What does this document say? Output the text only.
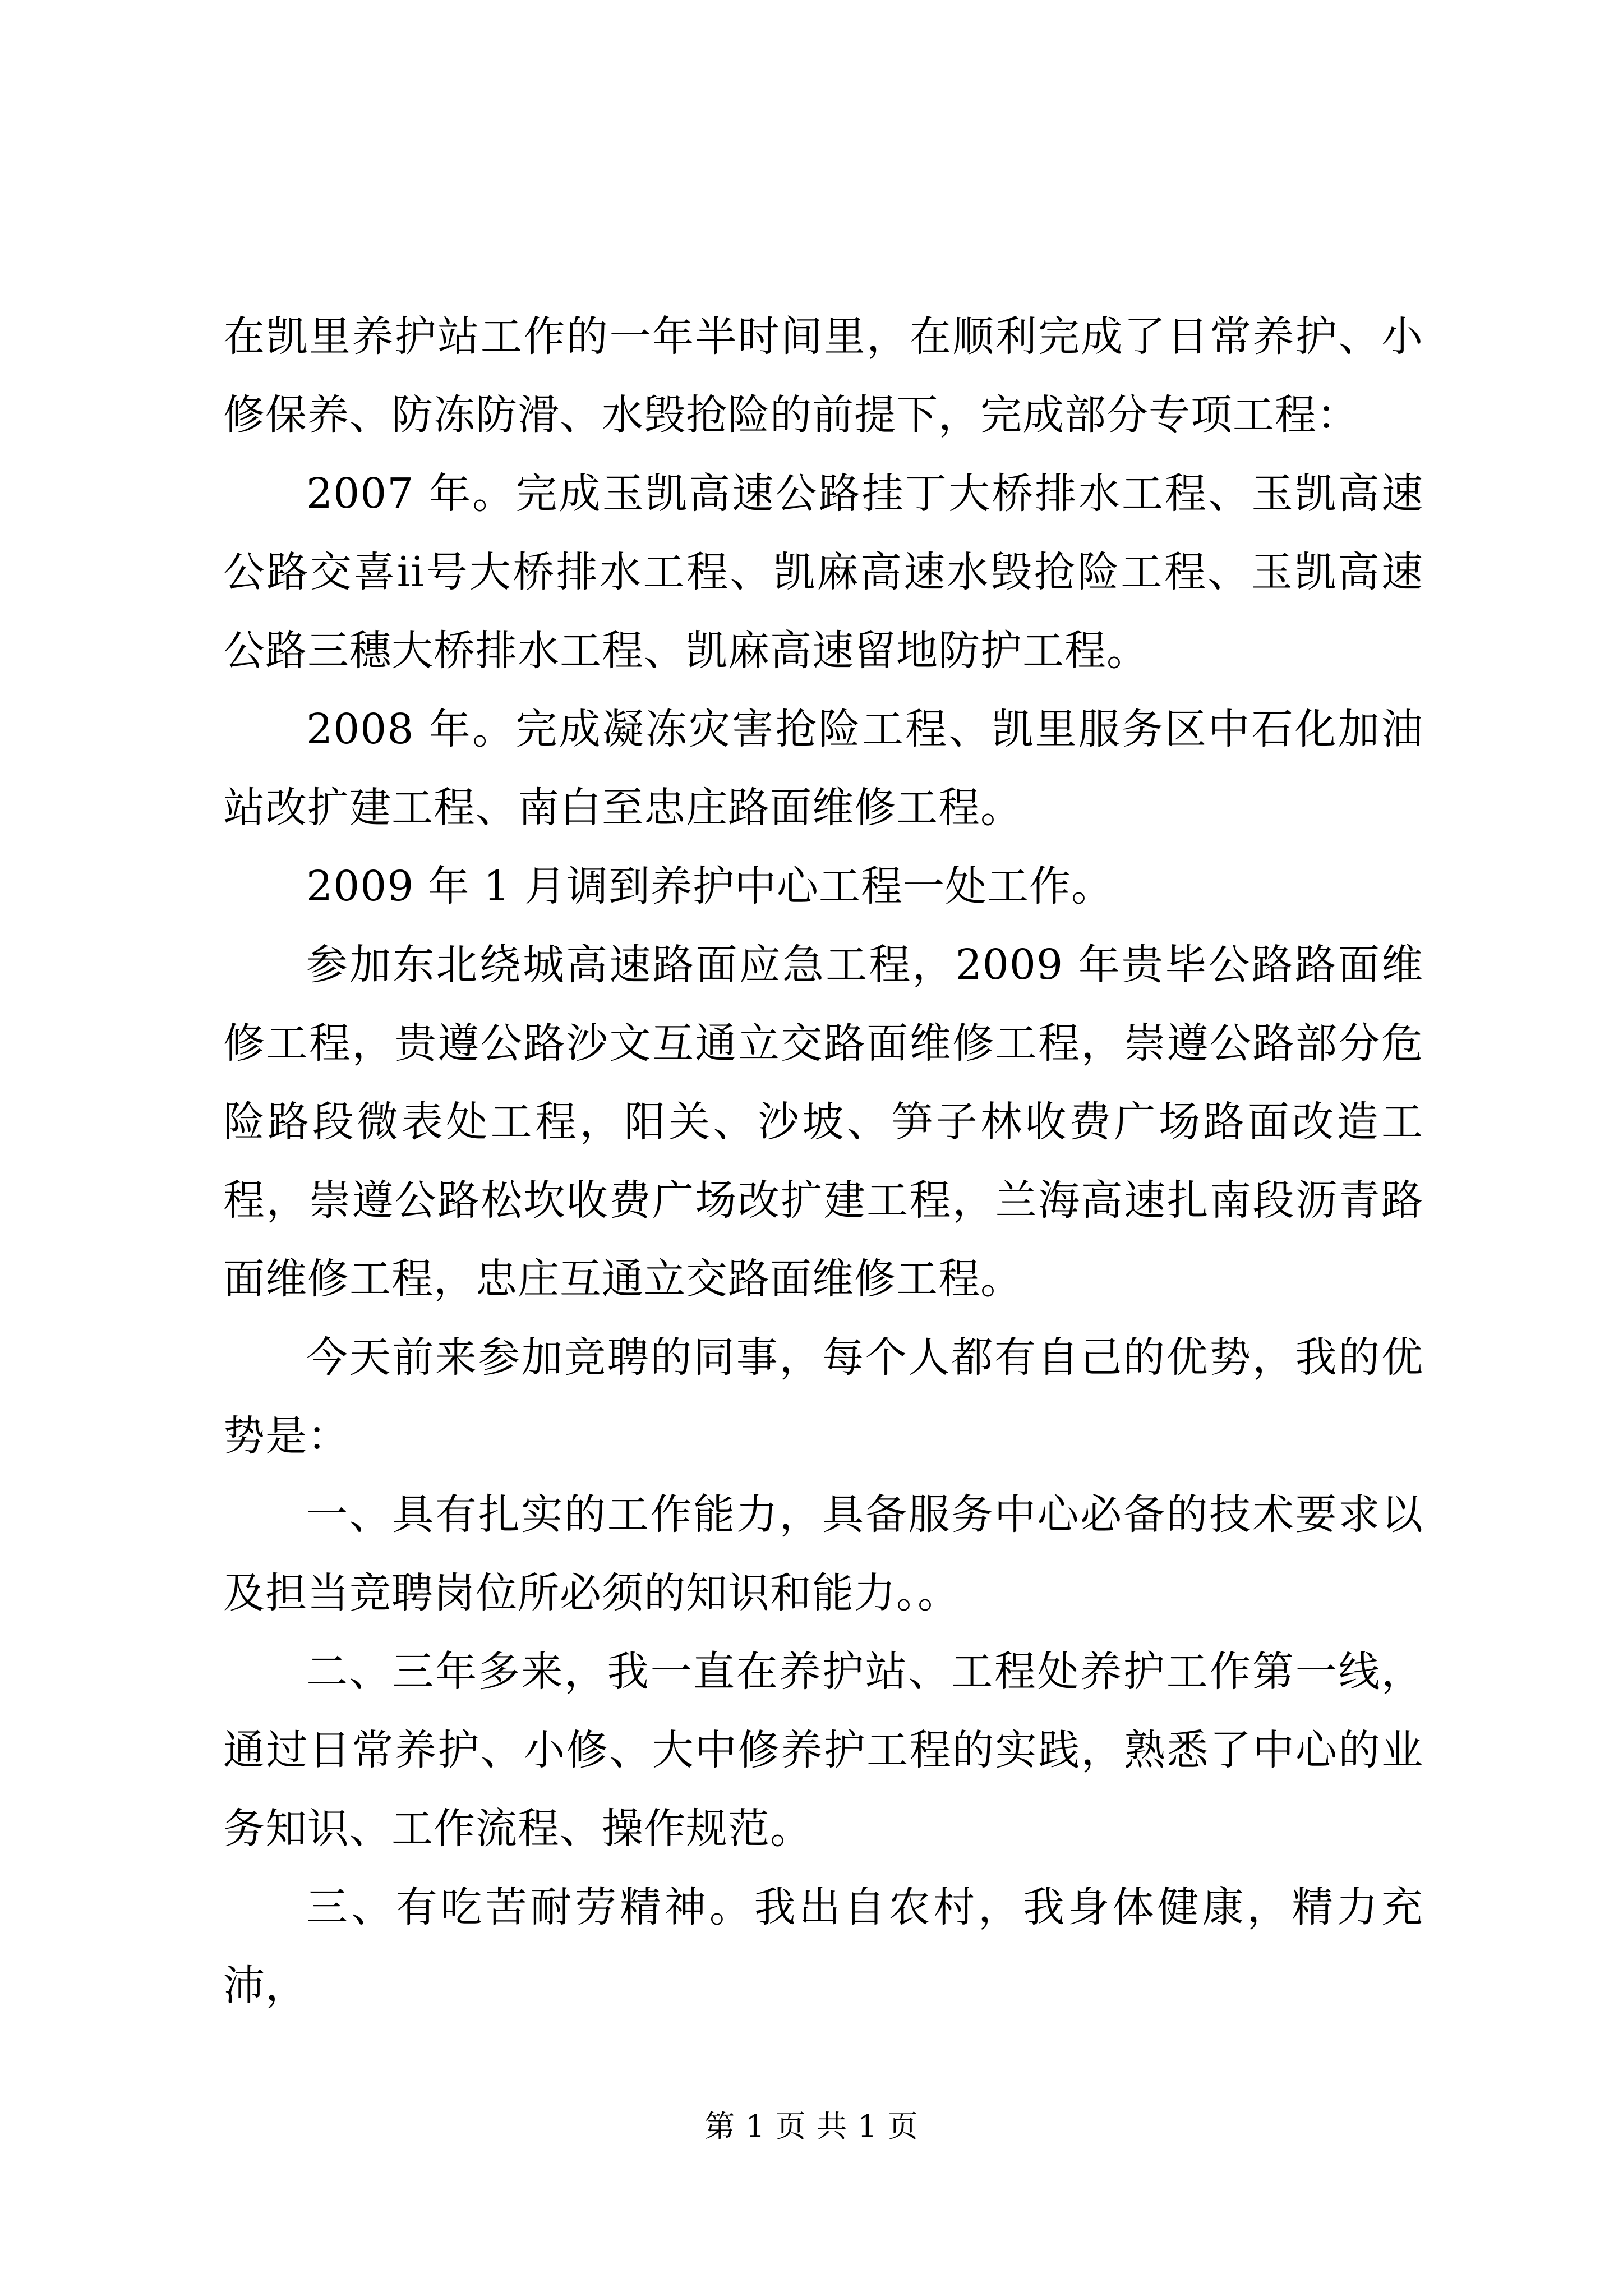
在凯里养护站工作的一年半时间里，在顺利完成了日常养护、小修保养、防冻防滑、水毁抢险的前提下，完成部分专项工程：

2007 年。完成玉凯高速公路挂丁大桥排水工程、玉凯高速公路交喜ii号大桥排水工程、凯麻高速水毁抢险工程、玉凯高速公路三穗大桥排水工程、凯麻高速留地防护工程。

2008 年。完成凝冻灾害抢险工程、凯里服务区中石化加油站改扩建工程、南白至忠庄路面维修工程。

2009 年 1 月调到养护中心工程一处工作。

参加东北绕城高速路面应急工程，2009 年贵毕公路路面维修工程，贵遵公路沙文互通立交路面维修工程，崇遵公路部分危险路段微表处工程，阳关、沙坡、笋子林收费广场路面改造工程，崇遵公路松坎收费广场改扩建工程，兰海高速扎南段沥青路面维修工程，忠庄互通立交路面维修工程。

今天前来参加竞聘的同事，每个人都有自己的优势，我的优势是：

一、具有扎实的工作能力，具备服务中心必备的技术要求以及担当竞聘岗位所必须的知识和能力。。

二、三年多来，我一直在养护站、工程处养护工作第一线，通过日常养护、小修、大中修养护工程的实践，熟悉了中心的业务知识、工作流程、操作规范。

三、有吃苦耐劳精神。我出自农村，我身体健康，精力充沛，

第 1 页 共 1 页
